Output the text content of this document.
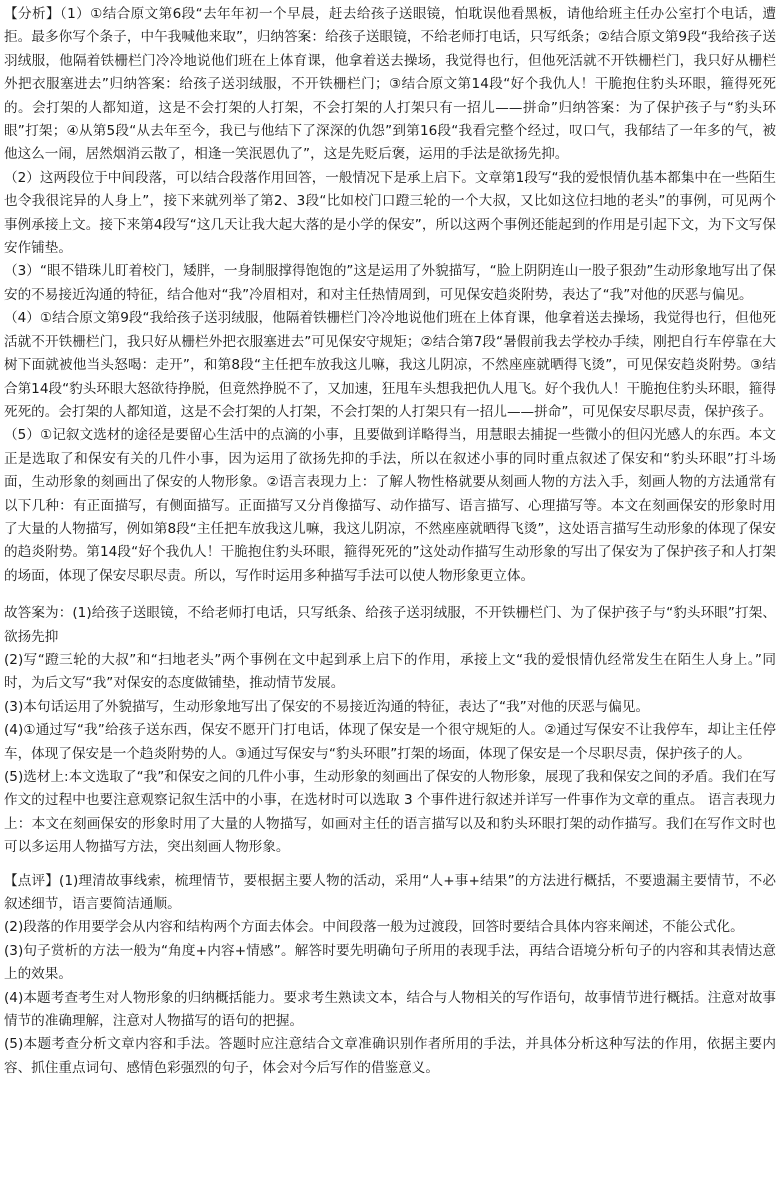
【分析】（1）①结合原文第6段“去年年初一个早晨，赶去给孩子送眼镜，怕耽误他看黑板，请他给班主任办公室打个电话，遭拒。最多你写个条子，中午我喊他来取”，归纳答案：给孩子送眼镜，不给老师打电话，只写纸条；②结合原文第9段“我给孩子送羽绒服，他隔着铁栅栏门冷冷地说他们班在上体育课，他拿着送去操场，我觉得也行，但他死活就不开铁栅栏门，我只好从栅栏外把衣服塞进去”归纳答案：给孩子送羽绒服，不开铁栅栏门；③结合原文第14段“好个我仇人！干脆抱住豹头环眼，箍得死死的。会打架的人都知道，这是不会打架的人打架，不会打架的人打架只有一招儿——拼命”归纳答案：为了保护孩子与“豹头环眼”打架；④从第5段“从去年至今，我已与他结下了深深的仇怨”到第16段“我看完整个经过，叹口气，我郁结了一年多的气，被他这么一闹，居然烟消云散了，相逢一笑泯恩仇了”，这是先贬后褒，运用的手法是欲扬先抑。

（2）这两段位于中间段落，可以结合段落作用回答，一般情况下是承上启下。文章第1段写“我的爱恨情仇基本都集中在一些陌生也令我很诧异的人身上”，接下来就列举了第2、3段“比如校门口蹬三轮的一个大叔，又比如这位扫地的老头”的事例，可见两个事例承接上文。接下来第4段写“这几天让我大起大落的是小学的保安”，所以这两个事例还能起到的作用是引起下文，为下文写保安作铺垫。

（3）“眼不错珠儿盯着校门，矮胖，一身制服撑得饱饱的”这是运用了外貌描写，“脸上阴阴连山一股子狠劲”生动形象地写出了保安的不易接近沟通的特征，结合他对“我”冷眉相对，和对主任热情周到，可见保安趋炎附势，表达了“我”对他的厌恶与偏见。

（4）①结合原文第9段“我给孩子送羽绒服，他隔着铁栅栏门冷冷地说他们班在上体育课，他拿着送去操场，我觉得也行，但他死活就不开铁栅栏门，我只好从栅栏外把衣服塞进去”可见保安守规矩；②结合第7段“暑假前我去学校办手续，刚把自行车停靠在大树下面就被他当头怒喝：走开”，和第8段“主任把车放我这儿嘛，我这儿阴凉，不然座座就晒得飞烫”，可见保安趋炎附势。③结合第14段“豹头环眼大怒欲待挣脱，但竟然挣脱不了，又加速，狂甩车头想我把仇人甩飞。好个我仇人！干脆抱住豹头环眼，箍得死死的。会打架的人都知道，这是不会打架的人打架，不会打架的人打架只有一招儿——拼命”，可见保安尽职尽责，保护孩子。

（5）①记叙文选材的途径是要留心生活中的点滴的小事，且要做到详略得当，用慧眼去捕捉一些微小的但闪光感人的东西。本文正是选取了和保安有关的几件小事，因为运用了欲扬先抑的手法，所以在叙述小事的同时重点叙述了保安和“豹头环眼”打斗场面，生动形象的刻画出了保安的人物形象。②语言表现力上：了解人物性格就要从刻画人物的方法入手，刻画人物的方法通常有以下几种：有正面描写，有侧面描写。正面描写又分肖像描写、动作描写、语言描写、心理描写等。本文在刻画保安的形象时用了大量的人物描写，例如第8段“主任把车放我这儿嘛，我这儿阴凉，不然座座就晒得飞烫”，这处语言描写生动形象的体现了保安的趋炎附势。第14段“好个我仇人！干脆抱住豹头环眼，箍得死死的”这处动作描写生动形象的写出了保安为了保护孩子和人打架的场面，体现了保安尽职尽责。所以，写作时运用多种描写手法可以使人物形象更立体。

故答案为：(1)给孩子送眼镜，不给老师打电话，只写纸条、给孩子送羽绒服，不开铁栅栏门、为了保护孩子与“豹头环眼”打架、欲扬先抑

(2)写“蹬三轮的大叔”和“扫地老头”两个事例在文中起到承上启下的作用，承接上文“我的爱恨情仇经常发生在陌生人身上。”同时，为后文写“我”对保安的态度做铺垫，推动情节发展。

(3)本句话运用了外貌描写，生动形象地写出了保安的不易接近沟通的特征，表达了“我”对他的厌恶与偏见。

(4)①通过写“我”给孩子送东西，保安不愿开门打电话，体现了保安是一个很守规矩的人。②通过写保安不让我停车，却让主任停车，体现了保安是一个趋炎附势的人。③通过写保安与“豹头环眼”打架的场面，体现了保安是一个尽职尽责，保护孩子的人。

(5)选材上:本文选取了“我”和保安之间的几件小事，生动形象的刻画出了保安的人物形象，展现了我和保安之间的矛盾。我们在写作文的过程中也要注意观察记叙生活中的小事，在选材时可以选取 3 个事件进行叙述并详写一件事作为文章的重点。 语言表现力上：本文在刻画保安的形象时用了大量的人物描写，如画对主任的语言描写以及和豹头环眼打架的动作描写。我们在写作文时也可以多运用人物描写方法，突出刻画人物形象。

【点评】(1)理清故事线索，梳理情节，要根据主要人物的活动，采用“人+事+结果”的方法进行概括，不要遗漏主要情节，不必叙述细节，语言要简洁通顺。

(2)段落的作用要学会从内容和结构两个方面去体会。中间段落一般为过渡段，回答时要结合具体内容来阐述，不能公式化。

(3)句子赏析的方法一般为“角度+内容+情感”。解答时要先明确句子所用的表现手法，再结合语境分析句子的内容和其表情达意上的效果。

(4)本题考查考生对人物形象的归纳概括能力。要求考生熟读文本，结合与人物相关的写作语句，故事情节进行概括。注意对故事情节的准确理解，注意对人物描写的语句的把握。

(5)本题考查分析文章内容和手法。答题时应注意结合文章准确识别作者所用的手法，并具体分析这种写法的作用，依据主要内容、抓住重点词句、感情色彩强烈的句子，体会对今后写作的借鉴意义。
